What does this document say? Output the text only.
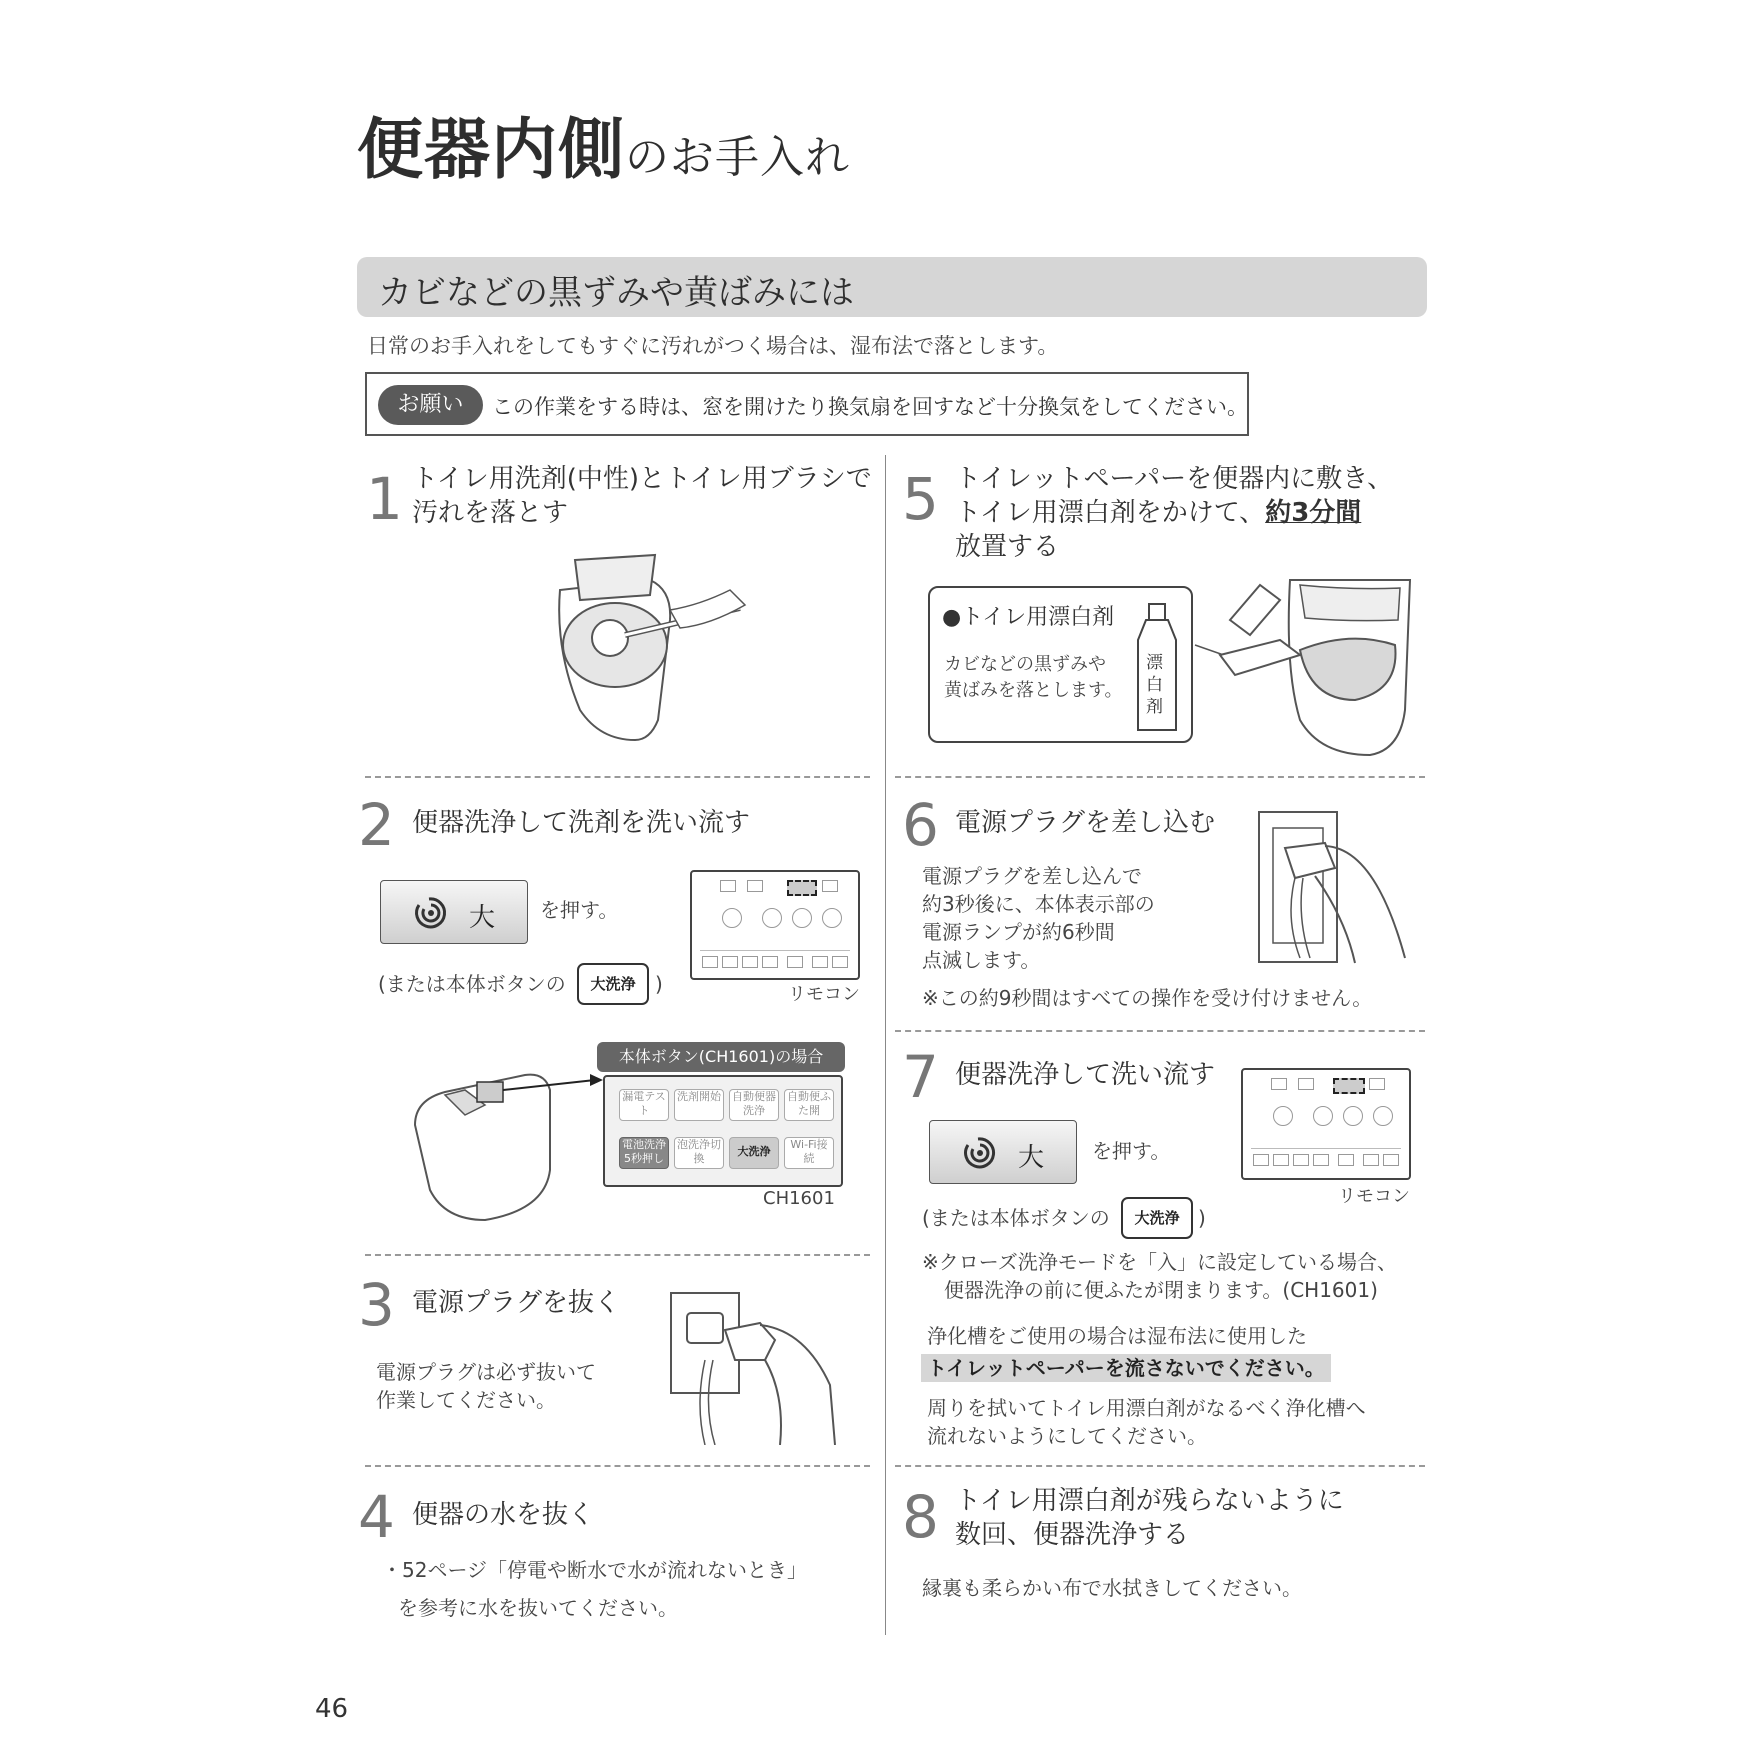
便器内側のお手入れ
カビなどの黒ずみや黄ばみには
日常のお手入れをしてもすぐに汚れがつく場合は、湿布法で落とします。
お願い	この作業をする時は、窓を開けたり換気扇を回すなど十分換気をしてください。
1 トイレ用洗剤(中性)とトイレ用ブラシで
汚れを落とす
2 便器洗浄して洗剤を洗い流す
大 を押す。
(または本体ボタンの	大洗浄 )	リモコン
本体ボタン(CH1601)の場合
漏電テスト
洗剤開始 自動便器洗浄
自動便ふた開
電池洗浄5秒押し
泡洗浄切換
大洗浄
Wi-Fi接続
CH1601
3 電源プラグを抜く
電源プラグは必ず抜いて
作業してください。
4 便器の水を抜く
・52ページ「停電や断水で水が流れないとき」
を参考に水を抜いてください。
5 トイレットペーパーを便器内に敷き、
トイレ用漂白剤をかけて、約3分間
放置する
●トイレ用漂白剤
カビなどの黒ずみや
黄ばみを落とします。
漂白剤
6 電源プラグを差し込む
電源プラグを差し込んで
約3秒後に、本体表示部の
電源ランプが約6秒間
点滅します。
※この約9秒間はすべての操作を受け付けません。
7 便器洗浄して洗い流す
大 を押す。
(または本体ボタンの	大洗浄 )
リモコン
※クローズ洗浄モードを「入」に設定している場合、
便器洗浄の前に便ふたが閉まります。(CH1601)
浄化槽をご使用の場合は湿布法に使用した
トイレットペーパーを流さないでください。
周りを拭いてトイレ用漂白剤がなるべく浄化槽へ
流れないようにしてください。
8 トイレ用漂白剤が残らないように
数回、便器洗浄する
縁裏も柔らかい布で水拭きしてください。
46
